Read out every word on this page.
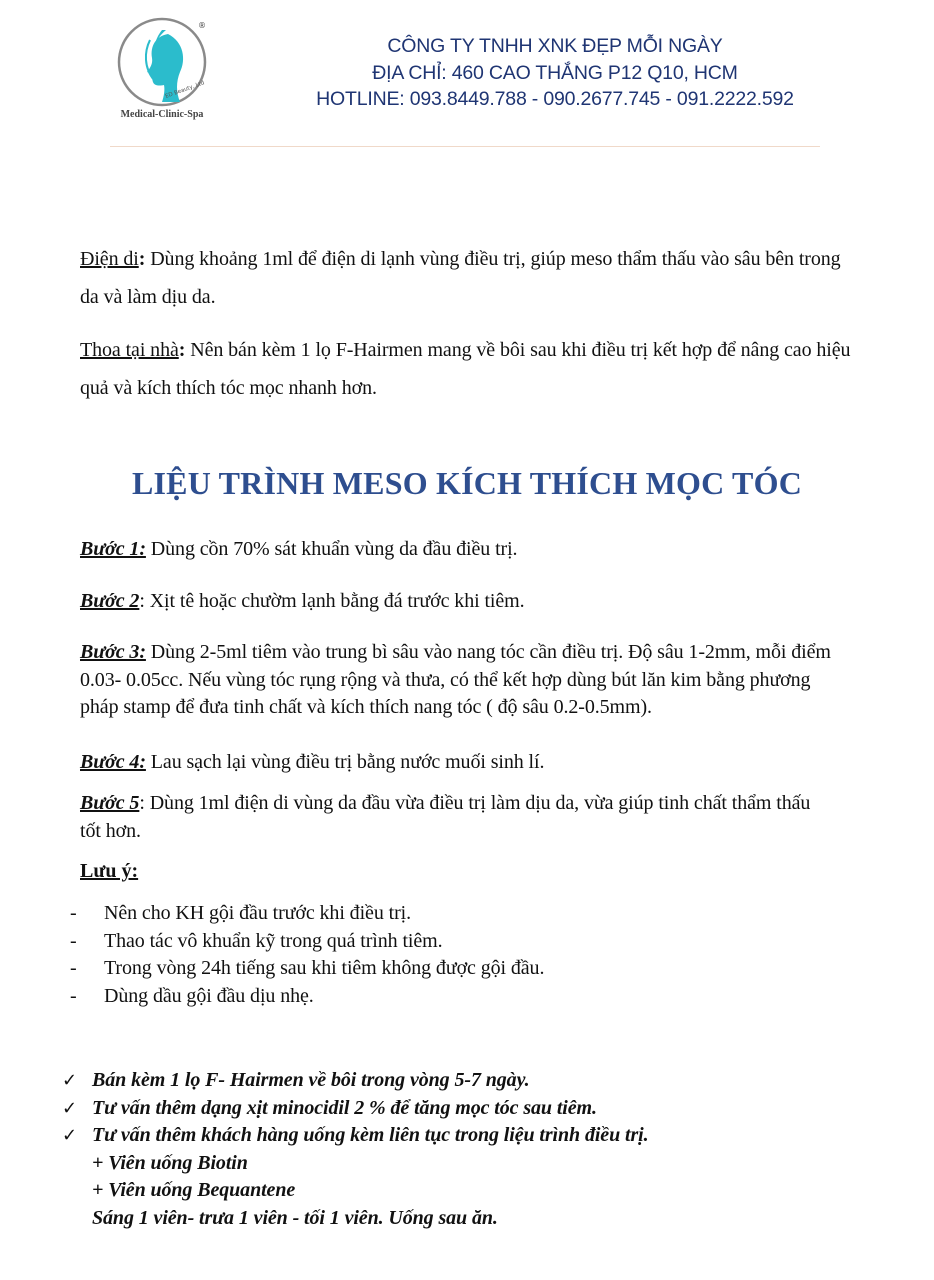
®
ED Beauty, Ltd
Medical-Clinic-Spa
CÔNG TY TNHH XNK ĐẸP MỖI NGÀY
ĐỊA CHỈ: 460 CAO THẮNG P12 Q10, HCM
HOTLINE: 093.8449.788 - 090.2677.745 - 091.2222.592
Điện di: Dùng khoảng 1ml để điện di lạnh vùng điều trị, giúp meso thẩm thấu vào sâu bên trong da và làm dịu da.
Thoa tại nhà: Nên bán kèm 1 lọ F-Hairmen mang về bôi sau khi điều trị kết hợp để nâng cao hiệu quả và kích thích tóc mọc nhanh hơn.
LIỆU TRÌNH MESO KÍCH THÍCH MỌC TÓC
Bước 1: Dùng cồn 70% sát khuẩn vùng da đầu điều trị.
Bước 2: Xịt tê hoặc chườm lạnh bằng đá trước khi tiêm.
Bước 3: Dùng 2-5ml tiêm vào trung bì sâu vào nang tóc cần điều trị. Độ sâu 1-2mm, mỗi điểm 0.03- 0.05cc. Nếu vùng tóc rụng rộng và thưa, có thể kết hợp dùng bút lăn kim bằng phương pháp stamp để đưa tinh chất và kích thích nang tóc ( độ sâu 0.2-0.5mm).
Bước 4: Lau sạch lại vùng điều trị bằng nước muối sinh lí.
Bước 5: Dùng 1ml điện di vùng da đầu vừa điều trị làm dịu da, vừa giúp tinh chất thẩm thấu tốt hơn.
Lưu ý:
- Nên cho KH gội đầu trước khi điều trị.
- Thao tác vô khuẩn kỹ trong quá trình tiêm.
- Trong vòng 24h tiếng sau khi tiêm không được gội đầu.
- Dùng dầu gội đầu dịu nhẹ.
✓ Bán kèm 1 lọ F- Hairmen về bôi trong vòng 5-7 ngày.
✓ Tư vấn thêm dạng xịt minocidil 2 % để tăng mọc tóc sau tiêm.
✓ Tư vấn thêm khách hàng uống kèm liên tục trong liệu trình điều trị.
+ Viên uống Biotin
+ Viên uống Bequantene
Sáng 1 viên- trưa 1 viên - tối 1 viên. Uống sau ăn.
